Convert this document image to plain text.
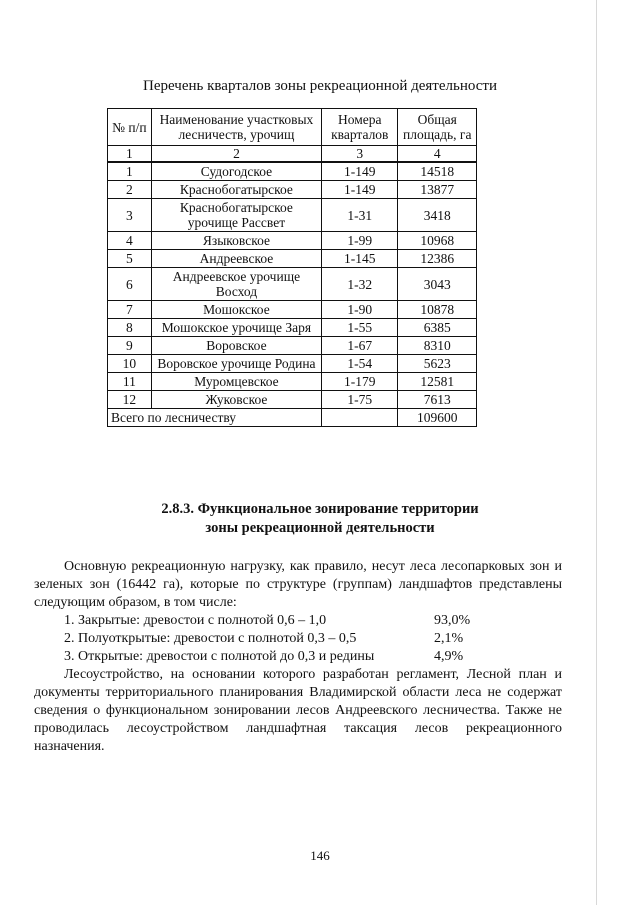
Перечень кварталов зоны рекреационной деятельности
№ п/п	Наименование участковых лесничеств, урочищ	Номера кварталов	Общая площадь, га
1	2	3	4
1	Судогодское	1-149	14518
2	Краснобогатырское	1-149	13877
3	Краснобогатырское урочище Рассвет	1-31	3418
4	Языковское	1-99	10968
5	Андреевское	1-145	12386
6	Андреевское урочище Восход	1-32	3043
7	Мошокское	1-90	10878
8	Мошокское урочище Заря	1-55	6385
9	Воровское	1-67	8310
10	Воровское урочище Родина	1-54	5623
11	Муромцевское	1-179	12581
12	Жуковское	1-75	7613
Всего по лесничеству			109600
2.8.3. Функциональное зонирование территории
зоны рекреационной деятельности

Основную рекреационную нагрузку, как правило, несут леса лесопарковых зон и зеленых зон (16442 га), которые по структуре (группам) ландшафтов представлены следующим образом, в том числе:

1. Закрытые: древостои с полнотой 0,6 – 1,0	93,0%
2. Полуоткрытые: древостои с полнотой 0,3 – 0,5	2,1%
3. Открытые: древостои с полнотой до 0,3 и редины	4,9%

Лесоустройство, на основании которого разработан регламент, Лесной план и документы территориального планирования Владимирской области леса не содержат сведения о функциональном зонировании лесов Андреевского лесничества. Также не проводилась лесоустройством ландшафтная таксация лесов рекреационного назначения.

146
